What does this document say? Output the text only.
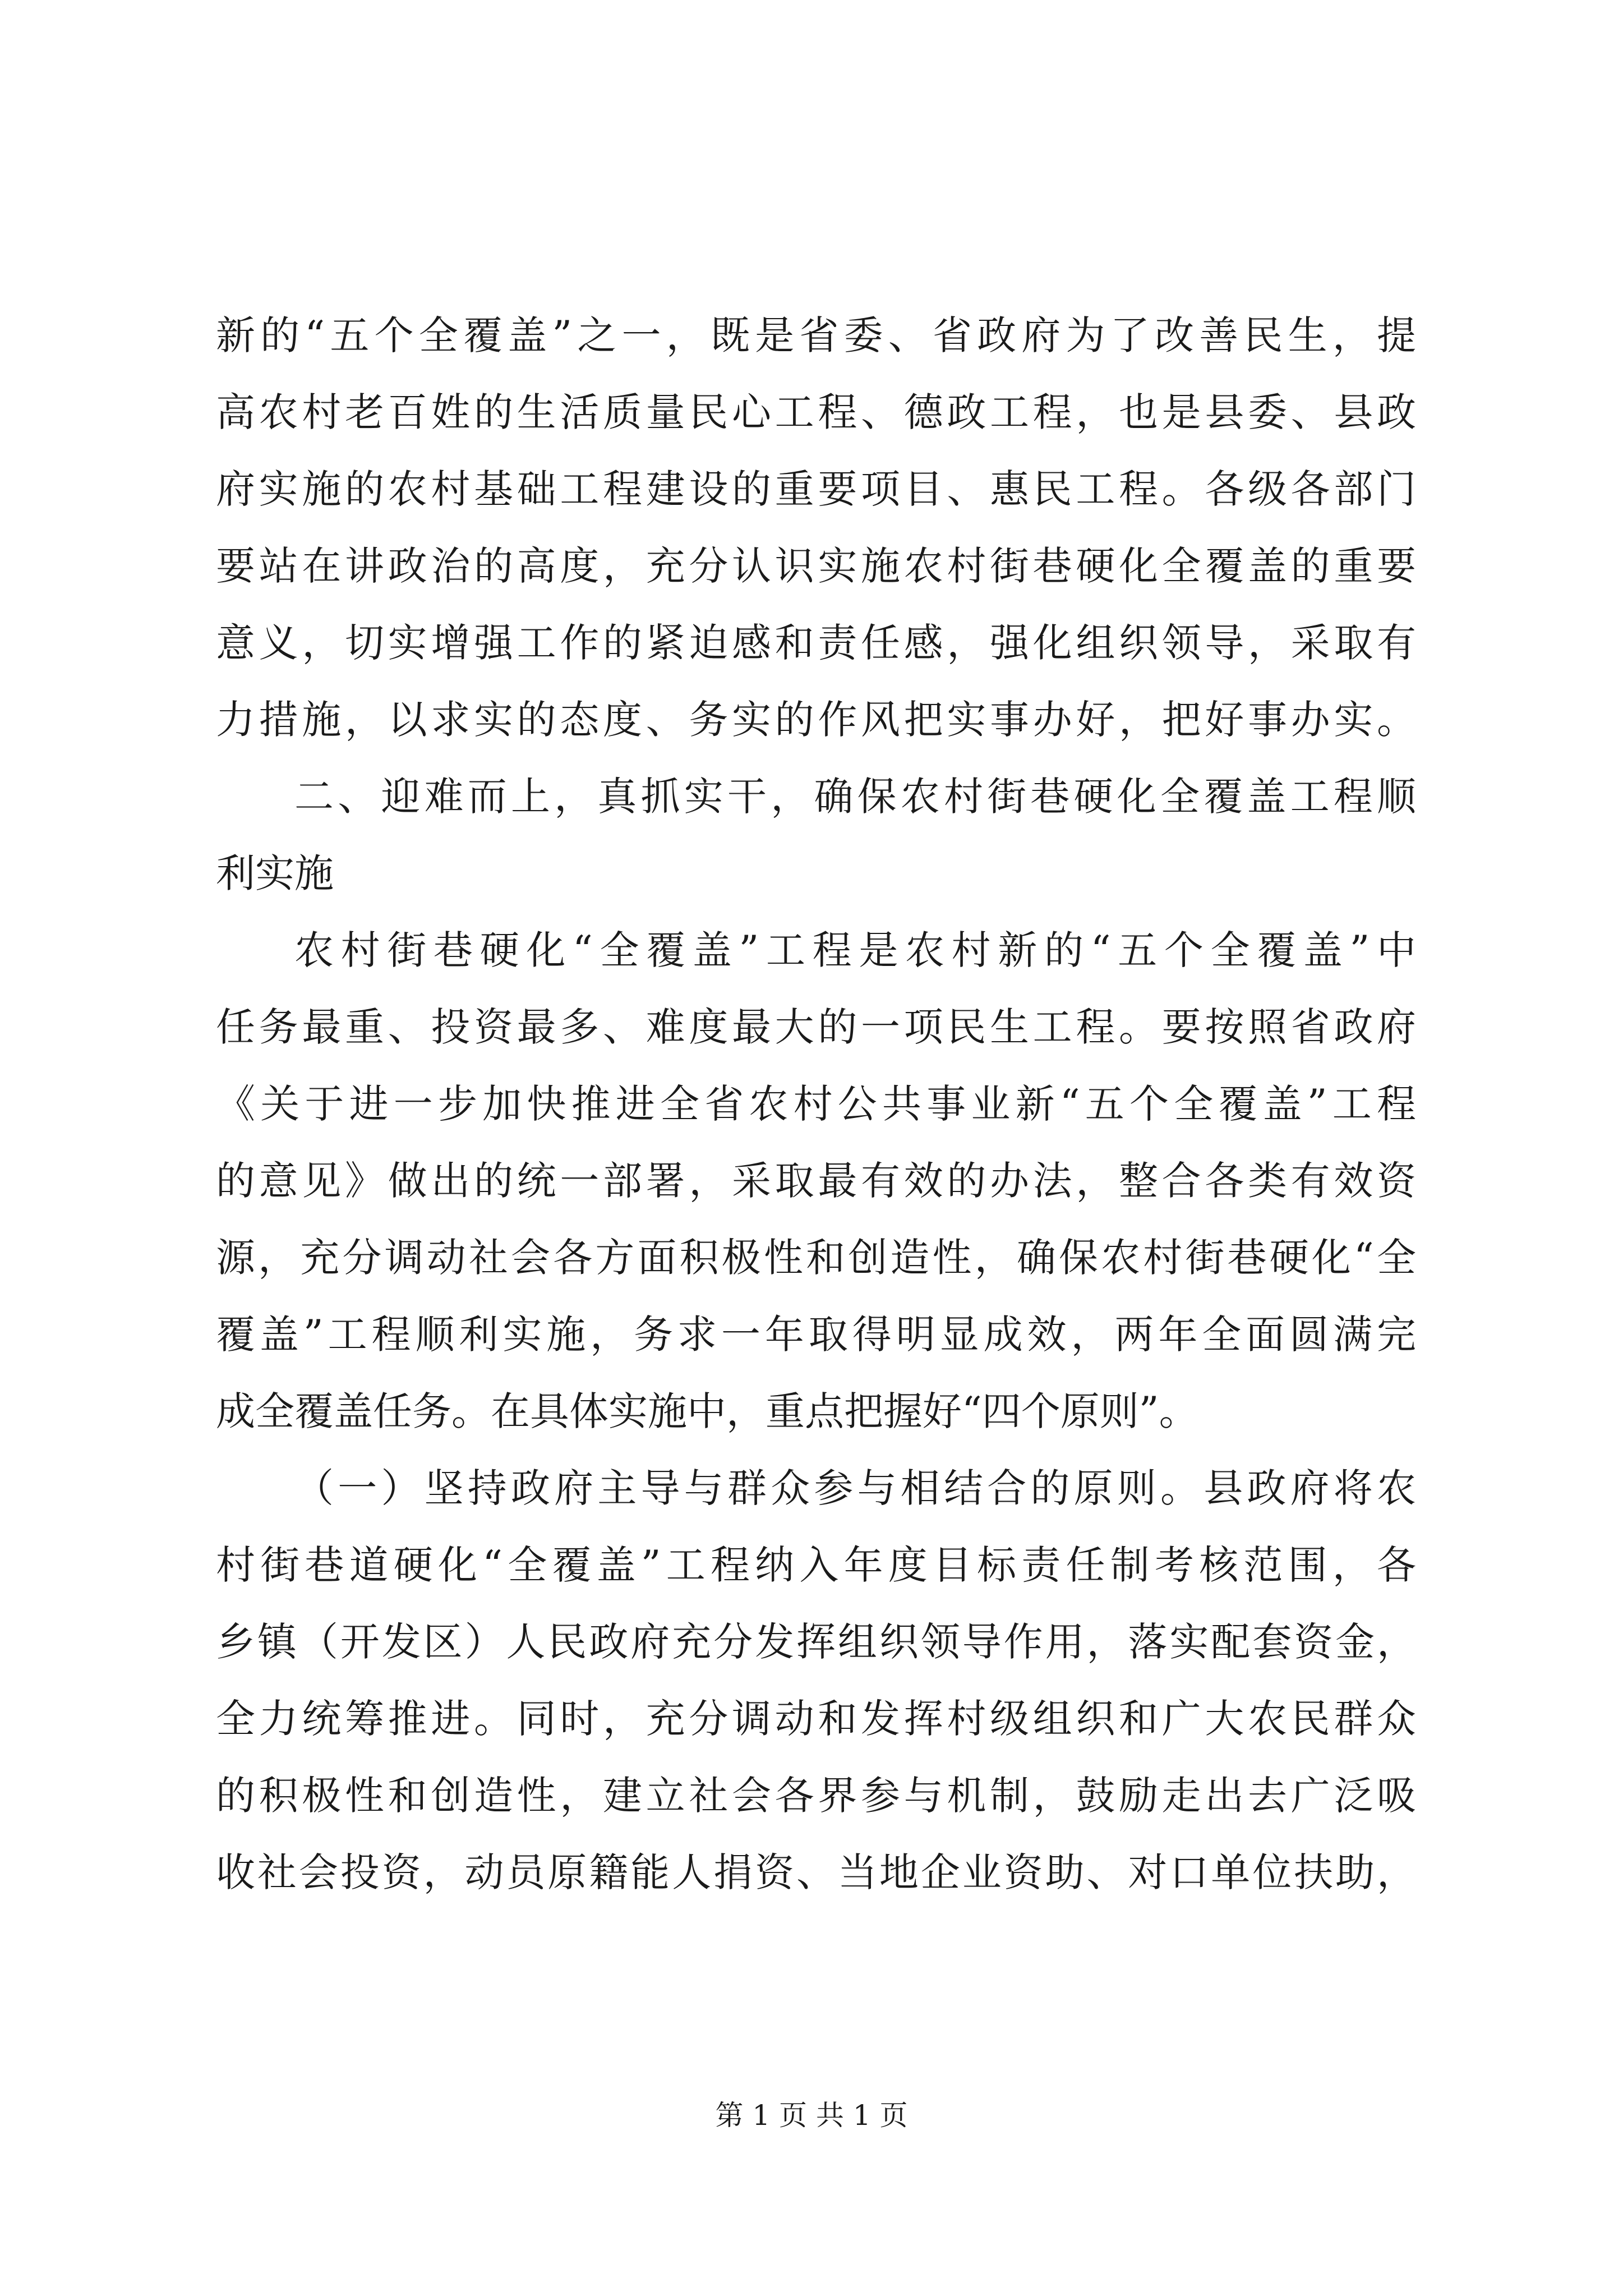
新的“五个全覆盖”之一，既是省委、省政府为了改善民生，提
高农村老百姓的生活质量民心工程、德政工程，也是县委、县政
府实施的农村基础工程建设的重要项目、惠民工程。各级各部门
要站在讲政治的高度，充分认识实施农村街巷硬化全覆盖的重要
意义，切实增强工作的紧迫感和责任感，强化组织领导，采取有
力措施，以求实的态度、务实的作风把实事办好，把好事办实。
二、迎难而上，真抓实干，确保农村街巷硬化全覆盖工程顺
利实施
农村街巷硬化“全覆盖”工程是农村新的“五个全覆盖”中
任务最重、投资最多、难度最大的一项民生工程。要按照省政府
《关于进一步加快推进全省农村公共事业新“五个全覆盖”工程
的意见》做出的统一部署，采取最有效的办法，整合各类有效资
源，充分调动社会各方面积极性和创造性，确保农村街巷硬化“全
覆盖”工程顺利实施，务求一年取得明显成效，两年全面圆满完
成全覆盖任务。在具体实施中，重点把握好“四个原则”。
（一）坚持政府主导与群众参与相结合的原则。县政府将农
村街巷道硬化“全覆盖”工程纳入年度目标责任制考核范围，各
乡镇（开发区）人民政府充分发挥组织领导作用，落实配套资金，
全力统筹推进。同时，充分调动和发挥村级组织和广大农民群众
的积极性和创造性，建立社会各界参与机制，鼓励走出去广泛吸
收社会投资，动员原籍能人捐资、当地企业资助、对口单位扶助，
第 1 页 共 1 页
